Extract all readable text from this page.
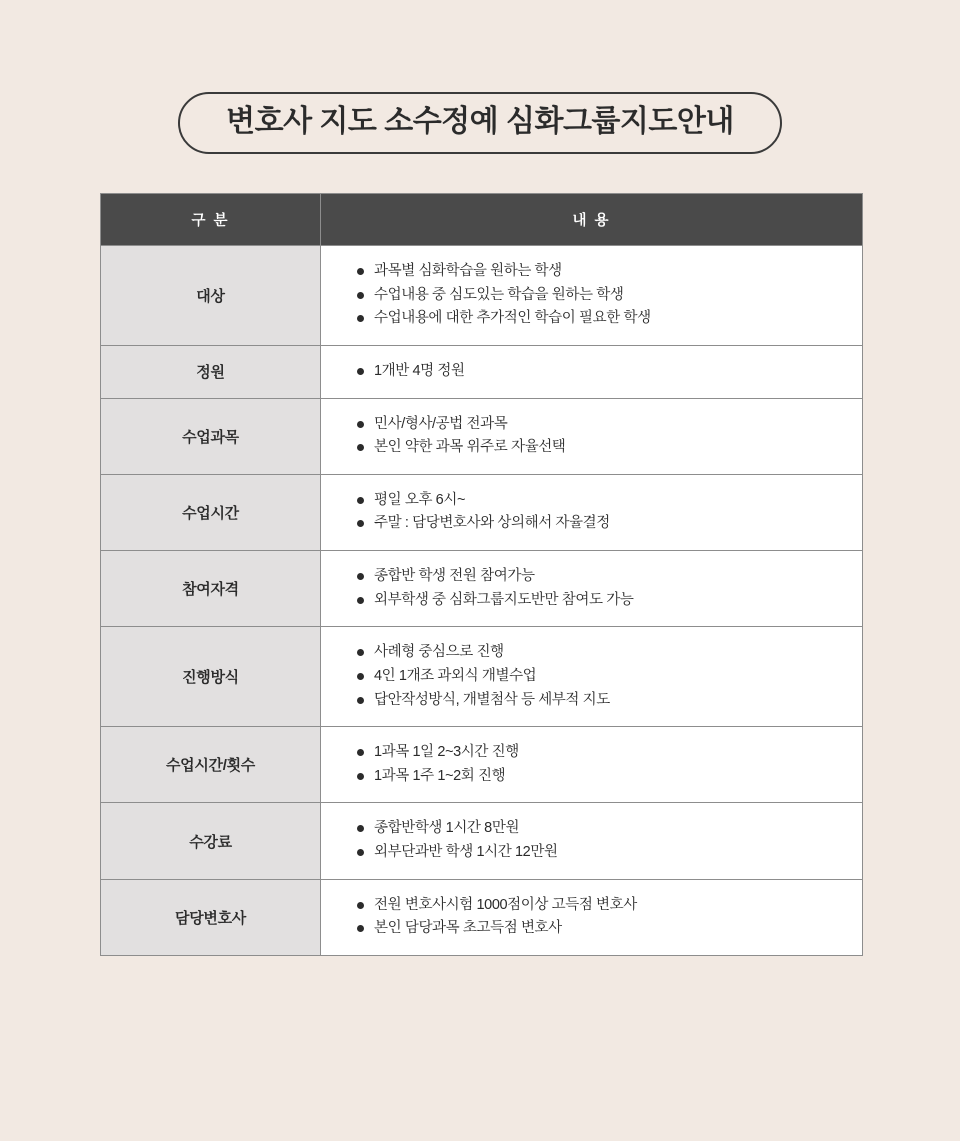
변호사 지도 소수정예 심화그룹지도안내
구 분	내 용
대상	
과목별 심화학습을 원하는 학생
수업내용 중 심도있는 학습을 원하는 학생
수업내용에 대한 추가적인 학습이 필요한 학생

정원	1개반 4명 정원

수업과목	
민사/형사/공법 전과목
본인 약한 과목 위주로 자율선택

수업시간	
평일 오후 6시~
주말 : 담당변호사와 상의해서 자율결정

참여자격	
종합반 학생 전원 참여가능
외부학생 중 심화그룹지도반만 참여도 가능

진행방식	
사례형 중심으로 진행
4인 1개조 과외식 개별수업
답안작성방식, 개별첨삭 등 세부적 지도

수업시간/횟수	
1과목 1일 2~3시간 진행
1과목 1주 1~2회 진행

수강료	
종합반학생 1시간 8만원
외부단과반 학생 1시간 12만원

담당변호사	
전원 변호사시험 1000점이상 고득점 변호사
본인 담당과목 초고득점 변호사
